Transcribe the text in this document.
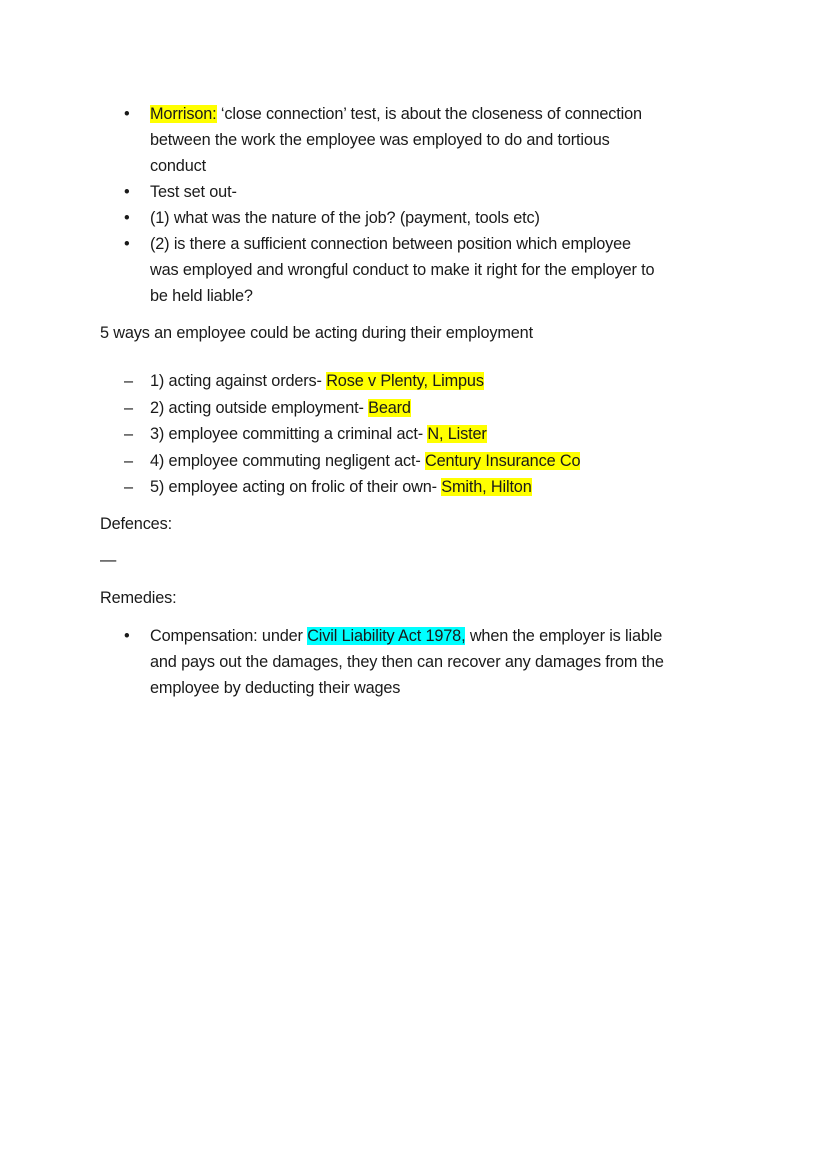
• Morrison: ‘close connection’ test, is about the closeness of connection
between the work the employee was employed to do and tortious
conduct
• Test set out-
• (1) what was the nature of the job? (payment, tools etc)
• (2) is there a sufficient connection between position which employee
was employed and wrongful conduct to make it right for the employer to
be held liable?
5 ways an employee could be acting during their employment
– 1) acting against orders- Rose v Plenty, Limpus
– 2) acting outside employment- Beard
– 3) employee committing a criminal act- N, Lister
– 4) employee commuting negligent act- Century Insurance Co
– 5) employee acting on frolic of their own- Smith, Hilton
Defences:
—
Remedies:
• Compensation: under Civil Liability Act 1978, when the employer is liable
and pays out the damages, they then can recover any damages from the
employee by deducting their wages
